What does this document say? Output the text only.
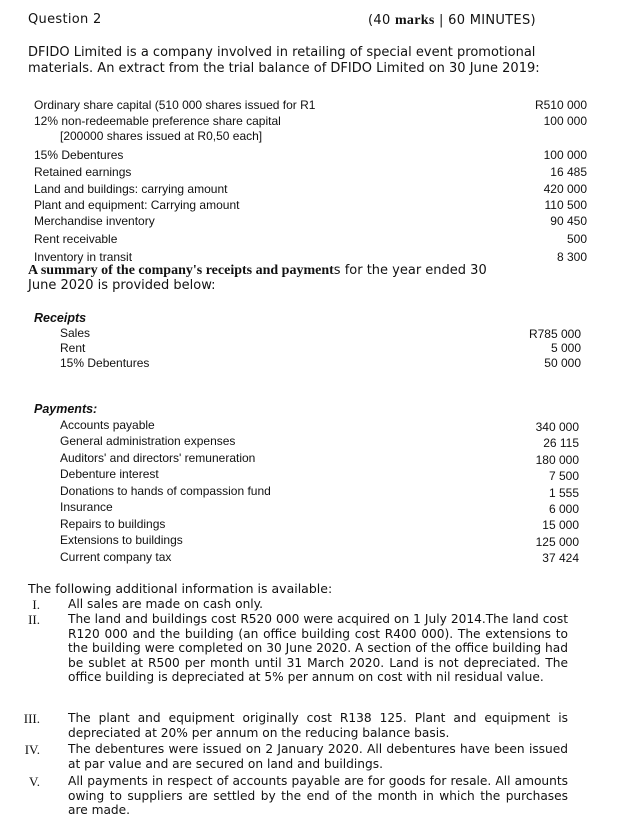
Question 2	(40 marks | 60 MINUTES)
DFIDO Limited is a company involved in retailing of special event promotional
materials. An extract from the trial balance of DFIDO Limited on 30 June 2019:
Ordinary share capital (510 000 shares issued for R1	R510 000
12% non-redeemable preference share capital	100 000
[200000 shares issued at R0,50 each]
15% Debentures	100 000
Retained earnings	16 485
Land and buildings: carrying amount	420 000
Plant and equipment: Carrying amount	110 500
Merchandise inventory	90 450
Rent receivable	500
Inventory in transit	8 300
A summary of the company's receipts and payments for the year ended 30
June 2020 is provided below:
Receipts
Sales	R785 000
Rent	5 000
15% Debentures	50 000
Payments:
Accounts payable	340 000
General administration expenses	26 115
Auditors' and directors' remuneration	180 000
Debenture interest	7 500
Donations to hands of compassion fund	1 555
Insurance	6 000
Repairs to buildings	15 000
Extensions to buildings	125 000
Current company tax	37 424
The following additional information is available:
I. All sales are made on cash only.
II. The land and buildings cost R520 000 were acquired on 1 July 2014.The land cost R120 000 and the building (an office building cost R400 000). The extensions to the building were completed on 30 June 2020. A section of the office building had be sublet at R500 per month until 31 March 2020. Land is not depreciated. The office building is depreciated at 5% per annum on cost with nil residual value.
III. The plant and equipment originally cost R138 125. Plant and equipment is depreciated at 20% per annum on the reducing balance basis.
IV. The debentures were issued on 2 January 2020. All debentures have been issued at par value and are secured on land and buildings.
V. All payments in respect of accounts payable are for goods for resale. All amounts owing to suppliers are settled by the end of the month in which the purchases are made.
